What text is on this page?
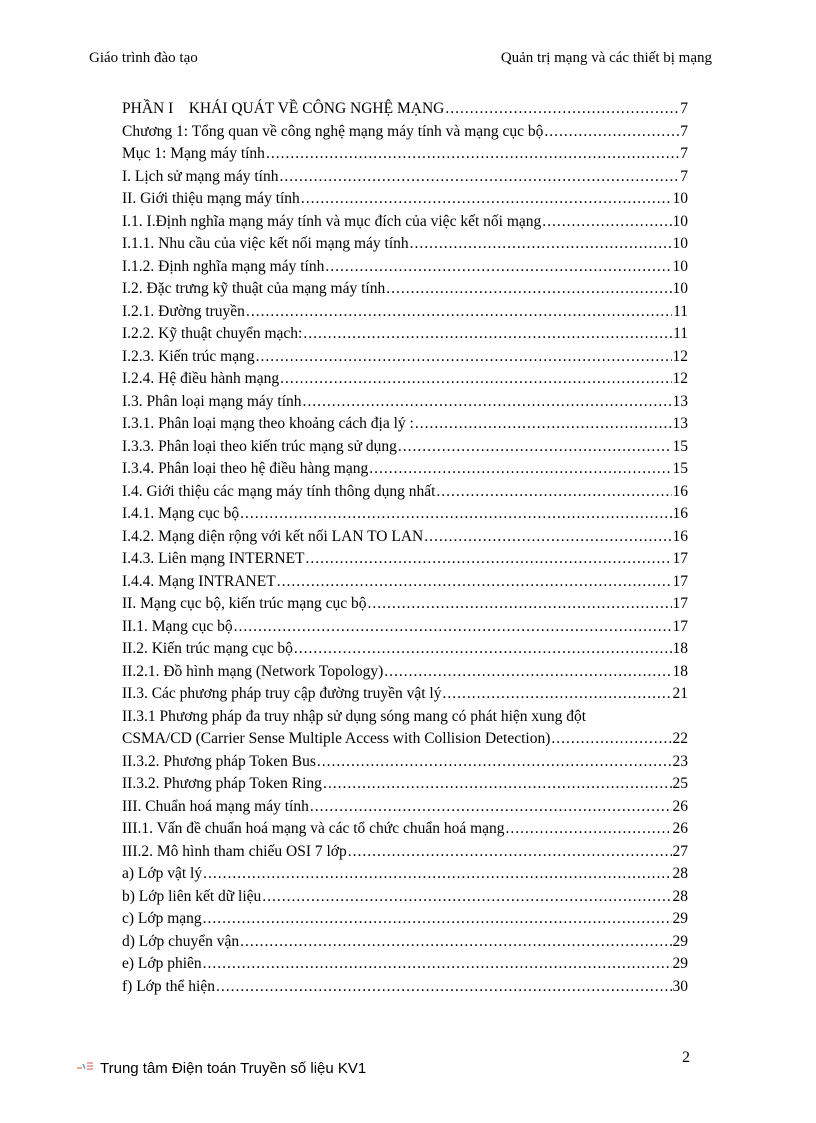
Giáo trình đào tạo	Quản trị mạng và các thiết bị mạng
PHẦN I    KHÁI QUÁT VỀ CÔNG NGHỆ MẠNG .....	7
Chương 1: Tổng quan về công nghệ mạng máy tính và mạng cục bộ .....	7
Mục 1: Mạng máy tính .....	7
I. Lịch sử mạng máy tính .....	7
II. Giới thiệu mạng máy tính .....	10
I.1. I.Định nghĩa mạng máy tính và mục đích của việc kết nối mạng .....	10
I.1.1. Nhu cầu của việc kết nối mạng máy tính .....	10
I.1.2. Định nghĩa mạng máy tính .....	10
I.2. Đặc trưng kỹ thuật của mạng máy tính .....	10
I.2.1. Đường truyền .....	11
I.2.2. Kỹ thuật chuyển mạch: .....	11
I.2.3. Kiến trúc mạng .....	12
I.2.4. Hệ điều hành mạng .....	12
I.3. Phân loại mạng máy tính .....	13
I.3.1. Phân loại mạng theo khoảng cách địa lý : .....	13
I.3.3. Phân loại theo kiến trúc mạng sử dụng .....	15
I.3.4. Phân loại theo hệ điều hàng mạng .....	15
I.4. Giới thiệu các mạng máy tính thông dụng nhất .....	16
I.4.1. Mạng cục bộ .....	16
I.4.2. Mạng diện rộng với kết nối LAN TO LAN .....	16
I.4.3. Liên mạng INTERNET .....	17
I.4.4. Mạng INTRANET .....	17
II. Mạng cục bộ, kiến trúc mạng cục bộ .....	17
II.1. Mạng cục bộ .....	17
II.2. Kiến trúc mạng cục bộ .....	18
II.2.1. Đồ hình mạng (Network Topology) .....	18
II.3. Các phương pháp truy cập đường truyền vật lý .....	21
II.3.1 Phương pháp đa truy nhập sử dụng sóng mang có phát hiện xung đột
CSMA/CD (Carrier Sense Multiple Access with Collision Detection) .....	22
II.3.2. Phương pháp Token Bus .....	23
II.3.2. Phương pháp Token Ring .....	25
III. Chuẩn hoá mạng máy tính .....	26
III.1. Vấn đề chuẩn hoá mạng và các tổ chức chuẩn hoá mạng .....	26
III.2. Mô hình tham chiếu OSI 7 lớp .....	27
a) Lớp vật lý .....	28
b) Lớp liên kết dữ liệu .....	28
c) Lớp mạng .....	29
d) Lớp chuyển vận .....	29
e) Lớp phiên .....	29
f) Lớp thể hiện .....	30
2
Trung tâm Điện toán Truyền số liệu KV1
